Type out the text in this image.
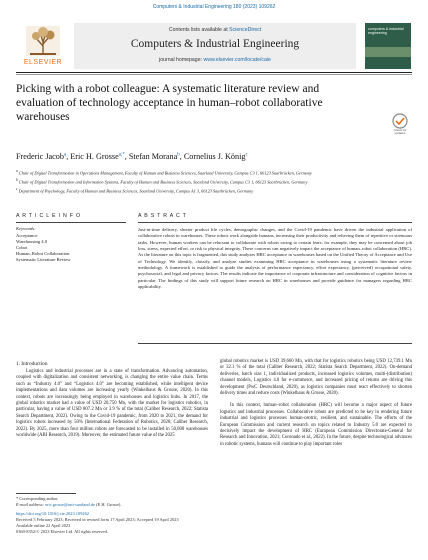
Computers & Industrial Engineering 180 (2023) 109262
ELSEVIER
Contents lists available at ScienceDirect
Computers & Industrial Engineering
journal homepage: www.elsevier.com/locate/caie
computers & industrial engineering
Picking with a robot colleague: A systematic literature review and evaluation of technology acceptance in human–robot collaborative warehouses
Check for updates
Frederic Jacob$^a$, Eric H. Grosse$^{a,*}$, Stefan Morana$^b$, Cornelius J. König$^c$
$^a$ Chair of Digital Transformation in Operations Management, Faculty of Human and Business Sciences, Saarland University, Campus C3 1, 66123 Saarbrücken, Germany
$^b$ Chair of Digital Transformation and Information Systems, Faculty of Human and Business Sciences, Saarland University, Campus C3 1, 66123 Saarbrücken, Germany
$^c$ Department of Psychology, Faculty of Human and Business Sciences, Saarland University, Campus A1 3, 66123 Saarbrücken, Germany
A R T I C L E I N F O
Keywords:
Acceptance
Warehousing 4.0
Cobot
Human–Robot Collaboration
Systematic Literature Review
A B S T R A C T
Just-in-time delivery, shorter product life cycles, demographic changes, and the Covid-19 pandemic have driven the industrial application of collaborative robots in warehouses. These robots work alongside humans, increasing their productivity and relieving them of repetitive or strenuous tasks. However, human workers can be reluctant to collaborate with robots owing to certain fears; for example, they may be concerned about job loss, stress, expected effort, or risk to physical integrity. These concerns can negatively impact the acceptance of human–robot collaboration (HRC). As the literature on this topic is fragmented, this study analyzes HRC acceptance in warehouses based on the Unified Theory of Acceptance and Use of Technology. We identify, classify, and analyze studies examining HRC acceptance in warehouses using a systematic literature review methodology. A framework is established to guide the analysis of performance expectancy, effort expectancy, (perceived) occupational safety, psychosocial, and legal and privacy factors. The results indicate the importance of corporate infrastructure and consideration of cognitive factors in particular. The findings of this study will support future research on HRC in warehouses and provide guidance for managers regarding HRC applicability.
1. Introduction

Logistics and industrial processes are in a state of transformation. Advancing automation, coupled with digitalization and consistent networking, is changing the entire value chain. Terms such as “Industry 4.0” and “Logistics 4.0” are becoming established, while intelligent device implementations and data volumes are increasing yearly (Winkelhaus & Grosse, 2020). In this context, robots are increasingly being employed in warehouses and logistics hubs. In 2017, the global robotics market had a value of USD 20,750 Mn, with the market for logistics robotics, in particular, having a value of USD 807.2 Mn or 3.9 % of the total (Caliber Research, 2022; Statista Search Department, 2022). Owing to the Covid-19 pandemic, from 2020 to 2021, the demand for logistics robots increased by 50% (International Federation of Robotics, 2020; Caliber Research, 2022). By 2025, more than four million robots are forecasted to be installed in 50,000 warehouses worldwide (ABI Research, 2019). Moreover, the estimated future value of the 2025

global robotics market is USD 39,660 Mn, with that for logistics robotics being USD 12,739.1 Mn or 32.1 % of the total (Caliber Research, 2022; Statista Search Department, 2022). On-demand deliveries, batch size 1, individualized products, increased logistics volumes, multi-(distribution) channel models, Logistics 4.0 for e-commerce, and increased pricing of returns are driving this development (PwC Deutschland, 2020), as logistics companies must react effectively to shorten delivery times and reduce costs (Winkelhaus & Grosse, 2020).

In this context, human–robot collaboration (HRC) will become a major aspect of future logistics and industrial processes. Collaborative robots are predicted to be key in rendering future industrial and logistics processes human-centric, resilient, and sustainable. The efforts of the European Commission and current research on topics related to Industry 5.0 are expected to decisively impact the development of HRC (European Commission Directorate-General for Research and Innovation, 2021; Coronado et al., 2022). In the future, despite technological advances in robotic systems, humans will continue to play important roles

* Corresponding author.
E-mail address: eric.grosse@uni-saarland.de (E.H. Grosse).
https://doi.org/10.1016/j.cie.2023.109262
Received 5 February 2023; Received in revised form 17 April 2023; Accepted 19 April 2023
Available online 22 April 2023
0360-8352/© 2023 Elsevier Ltd. All rights reserved.
